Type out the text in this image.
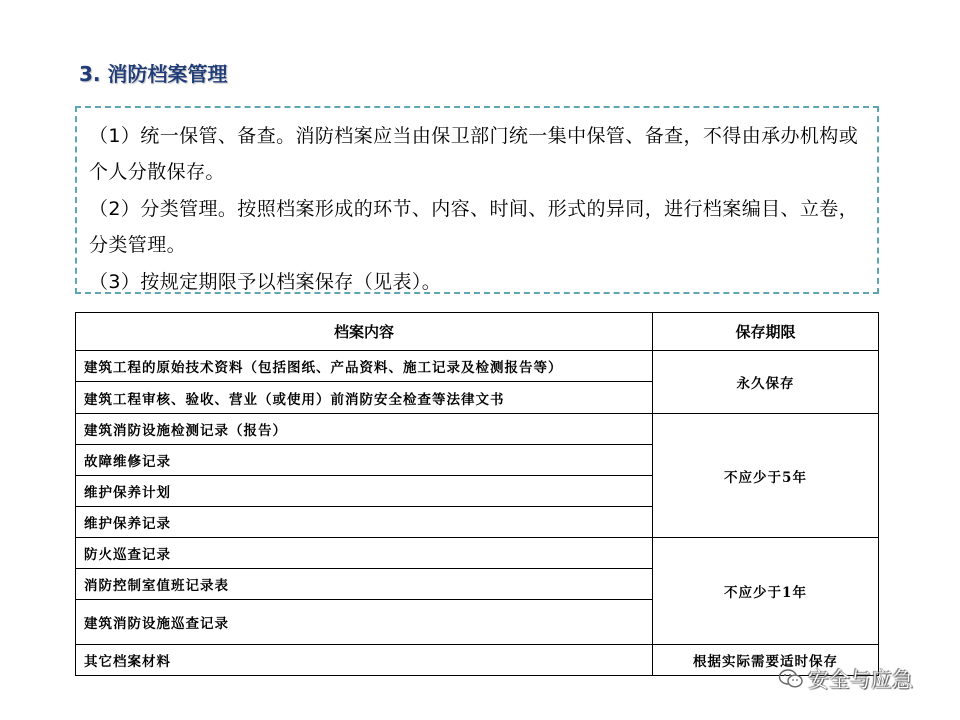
3. 消防档案管理

（1）统一保管、备查。消防档案应当由保卫部门统一集中保管、备查，不得由承办机构或个人分散保存。

（2）分类管理。按照档案形成的环节、内容、时间、形式的异同，进行档案编目、立卷，分类管理。

（3）按规定期限予以档案保存（见表）。

档案内容	保存期限
建筑工程的原始技术资料（包括图纸、产品资料、施工记录及检测报告等）	永久保存
建筑工程审核、验收、营业（或使用）前消防安全检查等法律文书	
建筑消防设施检测记录（报告）	不应少于5年
故障维修记录	
维护保养计划	
维护保养记录	
防火巡查记录	不应少于1年
消防控制室值班记录表	
建筑消防设施巡查记录	
其它档案材料	根据实际需要适时保存
安全与应急
